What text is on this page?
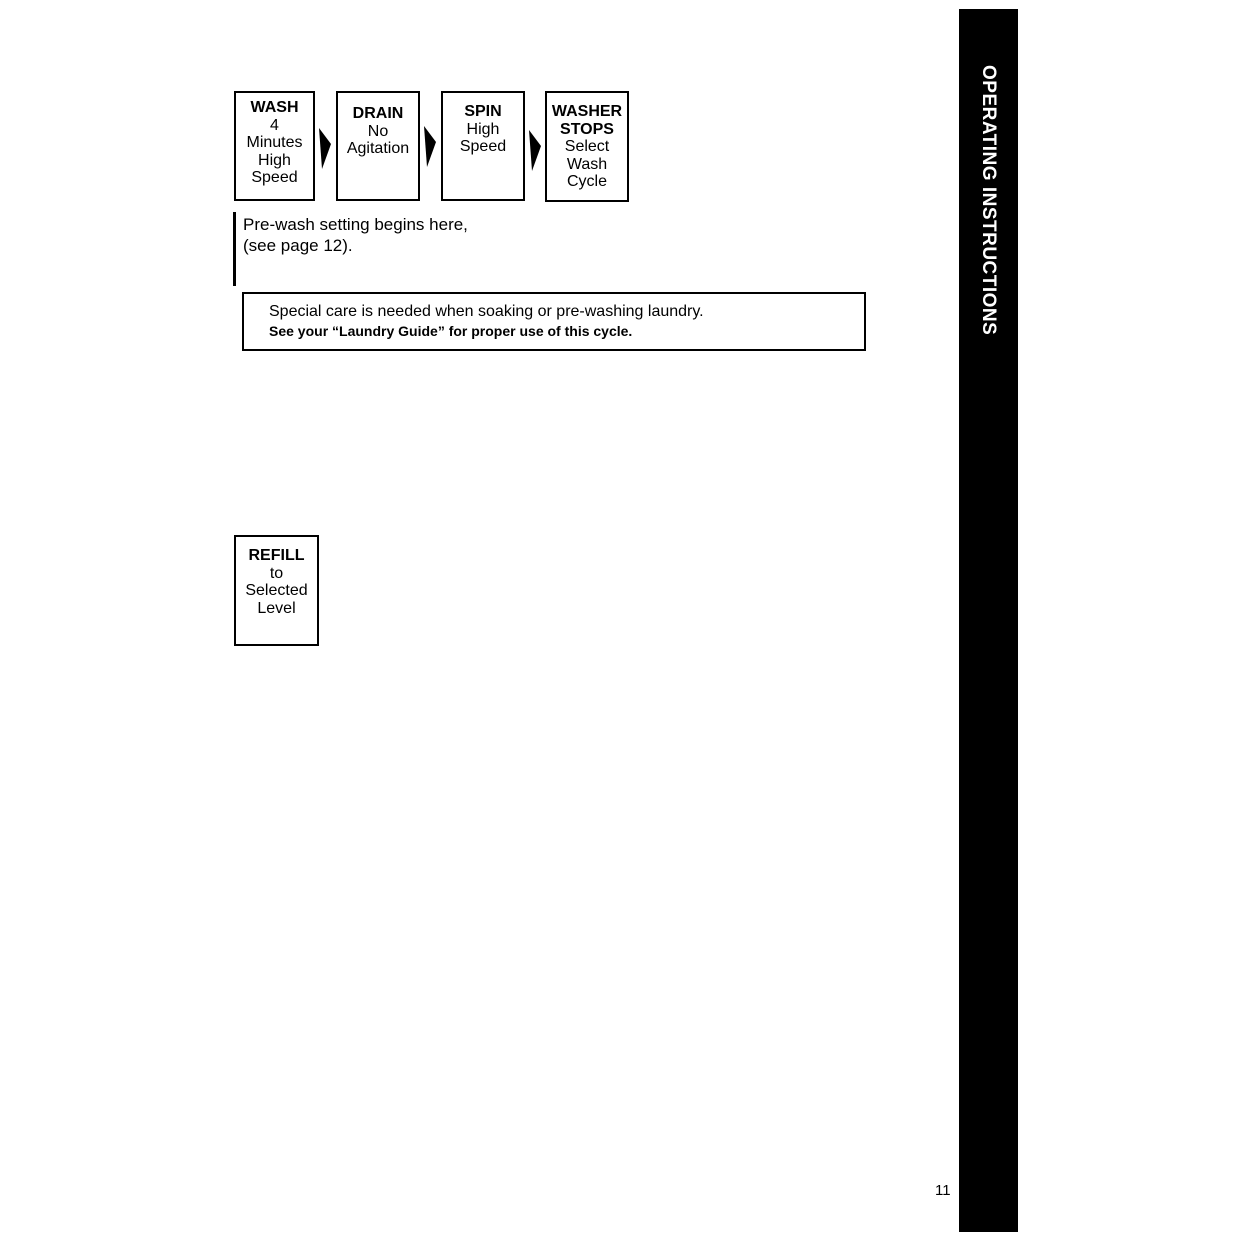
WASH
4
Minutes
High
Speed
DRAIN
No
Agitation
SPIN
High
Speed
WASHER
STOPS
Select
Wash
Cycle
Pre-wash setting begins here,
(see page 12).
Special care is needed when soaking or pre-washing laundry.
See your “Laundry Guide” for proper use of this cycle.
REFILL
to
Selected
Level
OPERATING INSTRUCTIONS
11
